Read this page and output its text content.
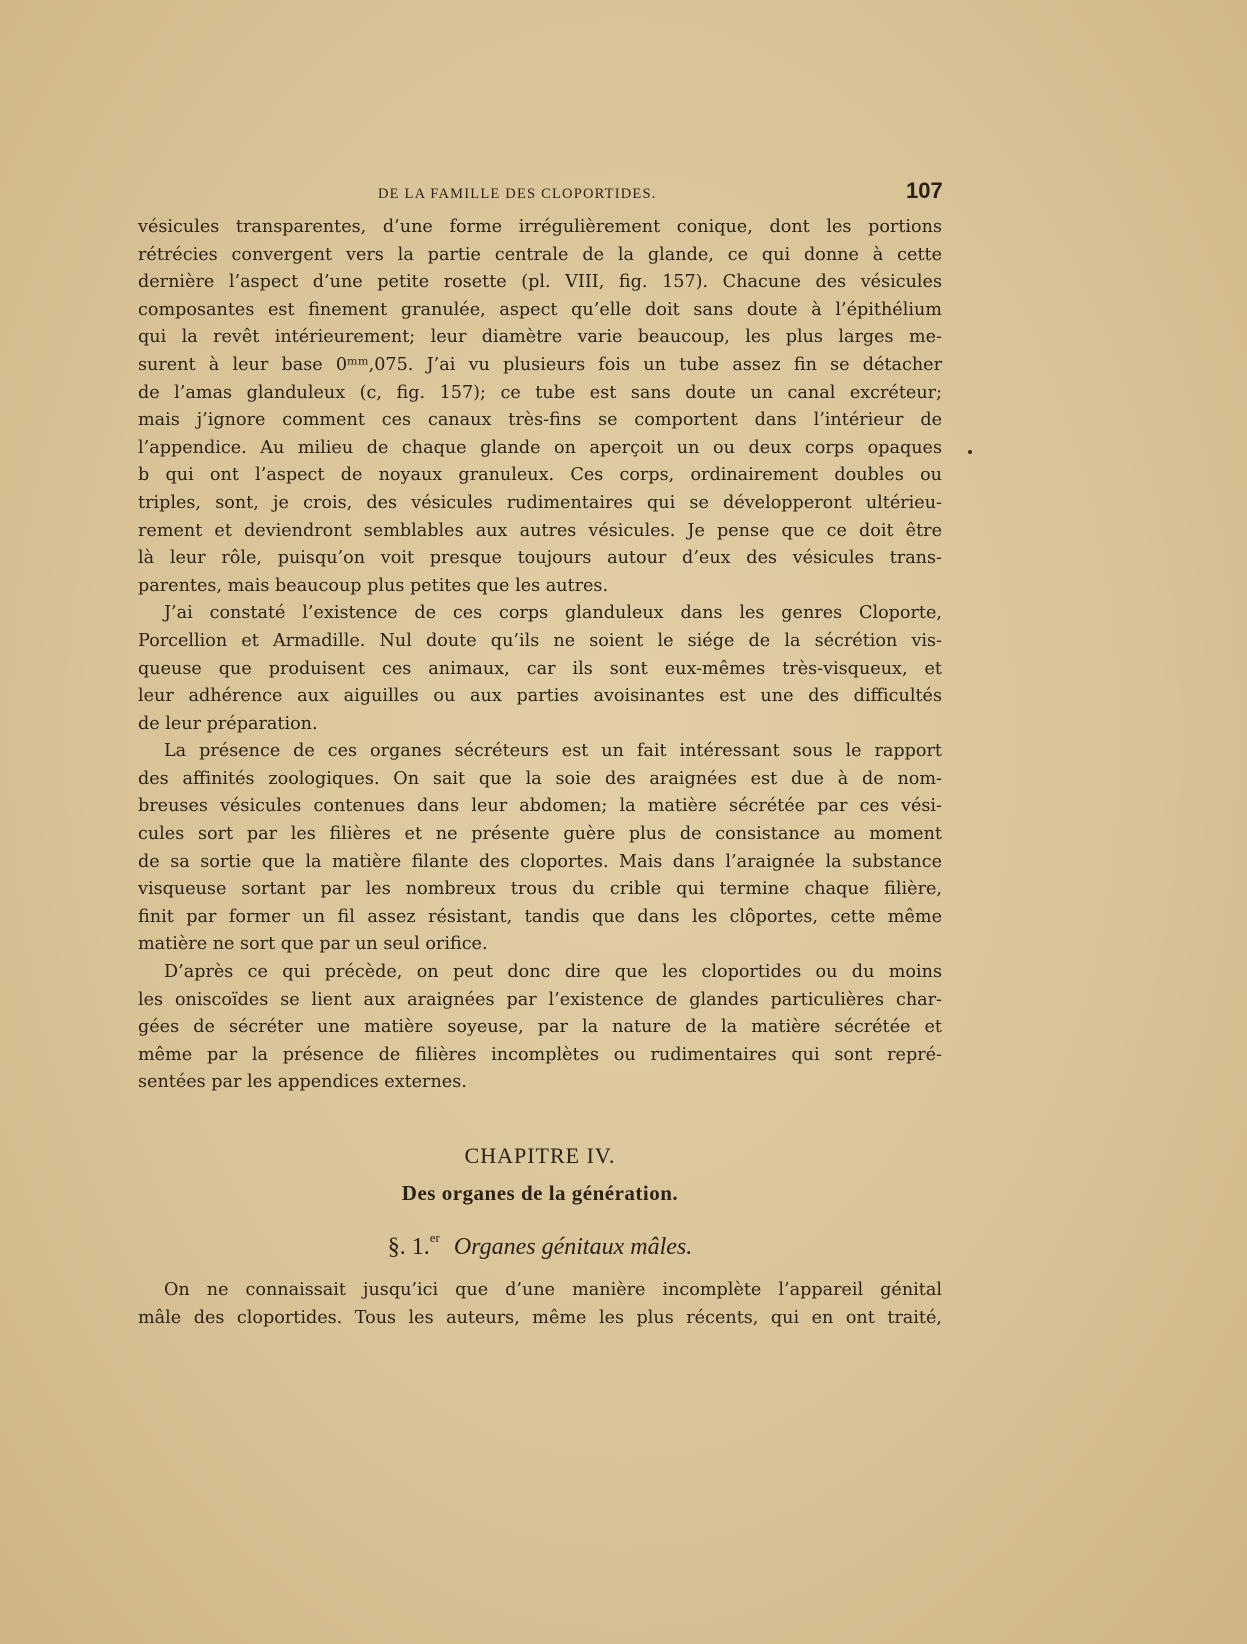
DE LA FAMILLE DES CLOPORTIDES.	107
vésicules transparentes, d’une forme irrégulièrement conique, dont les portions
rétrécies convergent vers la partie centrale de la glande, ce qui donne à cette
dernière l’aspect d’une petite rosette (pl. VIII, fig. 157). Chacune des vésicules
composantes est finement granulée, aspect qu’elle doit sans doute à l’épithélium
qui la revêt intérieurement; leur diamètre varie beaucoup, les plus larges me-
surent à leur base 0ᵐᵐ,075. J’ai vu plusieurs fois un tube assez fin se détacher
de l’amas glanduleux (c, fig. 157); ce tube est sans doute un canal excréteur;
mais j’ignore comment ces canaux très-fins se comportent dans l’intérieur de
l’appendice. Au milieu de chaque glande on aperçoit un ou deux corps opaques
b qui ont l’aspect de noyaux granuleux. Ces corps, ordinairement doubles ou
triples, sont, je crois, des vésicules rudimentaires qui se développeront ultérieu-
rement et deviendront semblables aux autres vésicules. Je pense que ce doit être
là leur rôle, puisqu’on voit presque toujours autour d’eux des vésicules trans-
parentes, mais beaucoup plus petites que les autres.
J’ai constaté l’existence de ces corps glanduleux dans les genres Cloporte,
Porcellion et Armadille. Nul doute qu’ils ne soient le siége de la sécrétion vis-
queuse que produisent ces animaux, car ils sont eux-mêmes très-visqueux, et
leur adhérence aux aiguilles ou aux parties avoisinantes est une des difficultés
de leur préparation.
La présence de ces organes sécréteurs est un fait intéressant sous le rapport
des affinités zoologiques. On sait que la soie des araignées est due à de nom-
breuses vésicules contenues dans leur abdomen; la matière sécrétée par ces vési-
cules sort par les filières et ne présente guère plus de consistance au moment
de sa sortie que la matière filante des cloportes. Mais dans l’araignée la substance
visqueuse sortant par les nombreux trous du crible qui termine chaque filière,
finit par former un fil assez résistant, tandis que dans les clôportes, cette même
matière ne sort que par un seul orifice.
D’après ce qui précède, on peut donc dire que les cloportides ou du moins
les oniscoïdes se lient aux araignées par l’existence de glandes particulières char-
gées de sécréter une matière soyeuse, par la nature de la matière sécrétée et
même par la présence de filières incomplètes ou rudimentaires qui sont repré-
sentées par les appendices externes.
CHAPITRE IV.
Des organes de la génération.
§. 1.$^{er}$ Organes génitaux mâles.
On ne connaissait jusqu’ici que d’une manière incomplète l’appareil génital
mâle des cloportides. Tous les auteurs, même les plus récents, qui en ont traité,
